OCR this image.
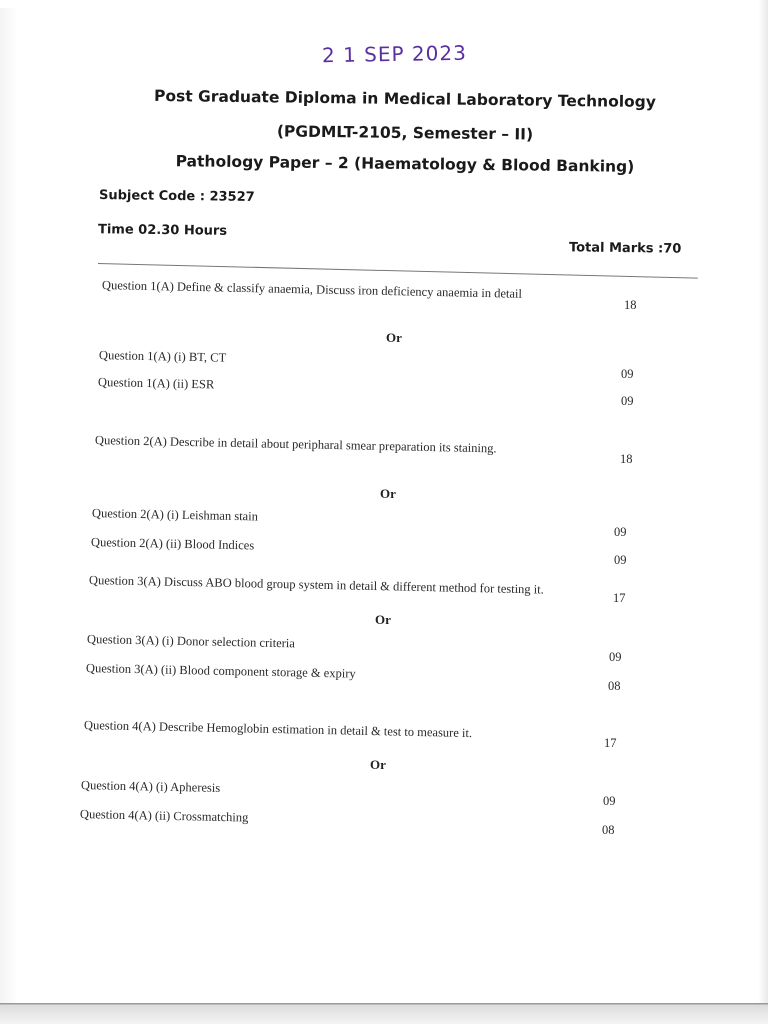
2 1 SEP 2023
Post Graduate Diploma in Medical Laboratory Technology
(PGDMLT-2105, Semester – II)
Pathology Paper – 2 (Haematology & Blood Banking)
Subject Code : 23527
Time 02.30 Hours
Total Marks :70
Question 1(A) Define & classify anaemia, Discuss iron deficiency anaemia in detail
18
Or
Question 1(A) (i) BT, CT
09
Question 1(A) (ii) ESR
09
Question 2(A) Describe in detail about peripharal smear preparation its staining.
18
Or
Question 2(A) (i) Leishman stain
09
Question 2(A) (ii) Blood Indices
09
Question 3(A) Discuss ABO blood group system in detail & different method for testing it.
17
Or
Question 3(A) (i) Donor selection criteria
09
Question 3(A) (ii) Blood component storage & expiry
08
Question 4(A) Describe Hemoglobin estimation in detail & test to measure it.
17
Or
Question 4(A) (i) Apheresis
09
Question 4(A) (ii) Crossmatching
08
